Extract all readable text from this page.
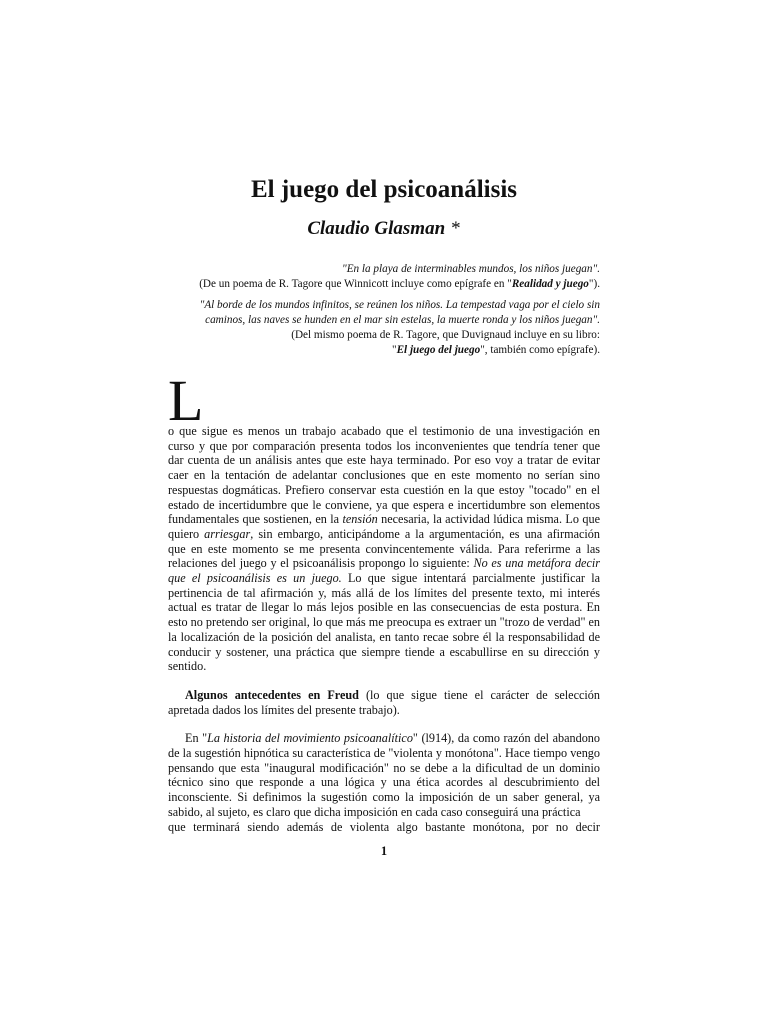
El juego del psicoanálisis
Claudio Glasman *

"En la playa de interminables mundos, los niños juegan".

(De un poema de R. Tagore que Winnicott incluye como epígrafe en "Realidad y juego").

"Al borde de los mundos infinitos, se reúnen los niños. La tempestad vaga por el cielo sin

caminos, las naves se hunden en el mar sin estelas, la muerte ronda y los niños juegan".

(Del mismo poema de R. Tagore, que Duvignaud incluye en su libro:

"El juego del juego", también como epígrafe).

L

o que sigue es menos un trabajo acabado que el testimonio de una investigación en curso y que por comparación presenta todos los inconvenientes que tendría tener que dar cuenta de un análisis antes que este haya terminado. Por eso voy a tratar de evitar caer en la tentación de adelantar conclusiones que en este momento no serían sino respuestas dogmáticas. Prefiero conservar esta cuestión en la que estoy "tocado" en el estado de incertidumbre que le conviene, ya que espera e incertidumbre son elementos fundamentales que sostienen, en la tensión necesaria, la actividad lúdica misma. Lo que quiero arriesgar, sin embargo, anticipándome a la argumentación, es una afirmación que en este momento se me presenta convincentemente válida. Para referirme a las relaciones del juego y el psicoanálisis propongo lo siguiente: No es una metáfora decir que el psicoanálisis es un juego. Lo que sigue intentará parcialmente justificar la pertinencia de tal afirmación y, más allá de los límites del presente texto, mi interés actual es tratar de llegar lo más lejos posible en las consecuencias de esta postura. En esto no pretendo ser original, lo que más me preocupa es extraer un "trozo de verdad" en la localización de la posición del analista, en tanto recae sobre él la responsabilidad de conducir y sostener, una práctica que siempre tiende a escabullirse en su dirección y sentido.

Algunos antecedentes en Freud (lo que sigue tiene el carácter de selección apretada dados los límites del presente trabajo).

En "La historia del movimiento psicoanalítico" (l914), da como razón del abandono de la sugestión hipnótica su característica de "violenta y monótona". Hace tiempo vengo pensando que esta "inaugural modificación" no se debe a la dificultad de un dominio técnico sino que responde a una lógica y una ética acordes al descubrimiento del inconsciente. Si definimos la sugestión como la imposición de un saber general, ya sabido, al sujeto, es claro que dicha imposición en cada caso conseguirá una práctica

que terminará siendo además de violenta algo bastante monótona, por no decir

1
